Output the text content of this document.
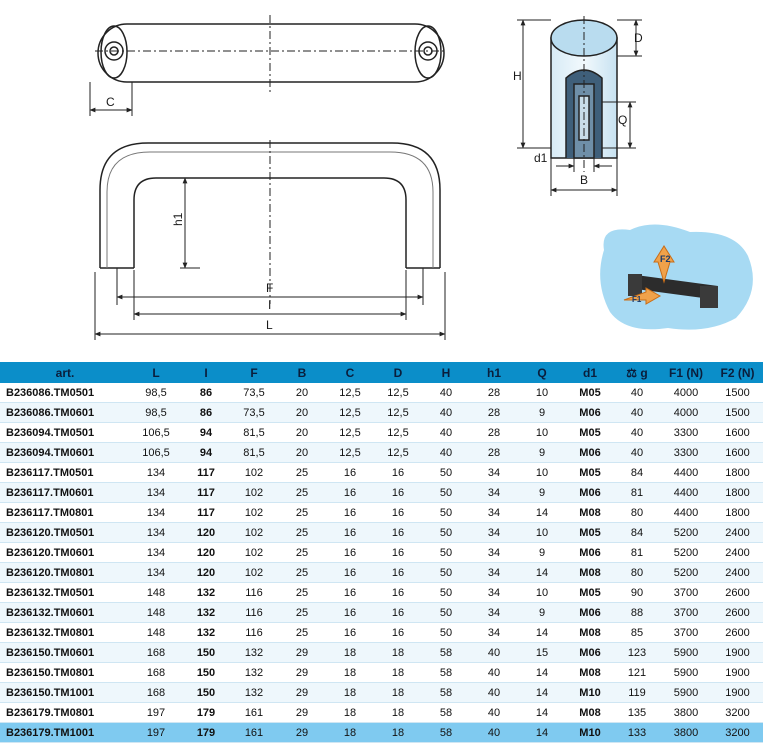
C
F
I
L
h1
D
H
Q
d1
B
F2
F1
art.	L	I	F	B	C	D	H	h1	Q	d1	⚖ g	F1 (N)	F2 (N)
B236086.TM0501	98,5	86	73,5	20	12,5	12,5	40	28	10	M05	40	4000	1500
B236086.TM0601	98,5	86	73,5	20	12,5	12,5	40	28	9	M06	40	4000	1500
B236094.TM0501	106,5	94	81,5	20	12,5	12,5	40	28	10	M05	40	3300	1600
B236094.TM0601	106,5	94	81,5	20	12,5	12,5	40	28	9	M06	40	3300	1600
B236117.TM0501	134	117	102	25	16	16	50	34	10	M05	84	4400	1800
B236117.TM0601	134	117	102	25	16	16	50	34	9	M06	81	4400	1800
B236117.TM0801	134	117	102	25	16	16	50	34	14	M08	80	4400	1800
B236120.TM0501	134	120	102	25	16	16	50	34	10	M05	84	5200	2400
B236120.TM0601	134	120	102	25	16	16	50	34	9	M06	81	5200	2400
B236120.TM0801	134	120	102	25	16	16	50	34	14	M08	80	5200	2400
B236132.TM0501	148	132	116	25	16	16	50	34	10	M05	90	3700	2600
B236132.TM0601	148	132	116	25	16	16	50	34	9	M06	88	3700	2600
B236132.TM0801	148	132	116	25	16	16	50	34	14	M08	85	3700	2600
B236150.TM0601	168	150	132	29	18	18	58	40	15	M06	123	5900	1900
B236150.TM0801	168	150	132	29	18	18	58	40	14	M08	121	5900	1900
B236150.TM1001	168	150	132	29	18	18	58	40	14	M10	119	5900	1900
B236179.TM0801	197	179	161	29	18	18	58	40	14	M08	135	3800	3200
B236179.TM1001	197	179	161	29	18	18	58	40	14	M10	133	3800	3200
